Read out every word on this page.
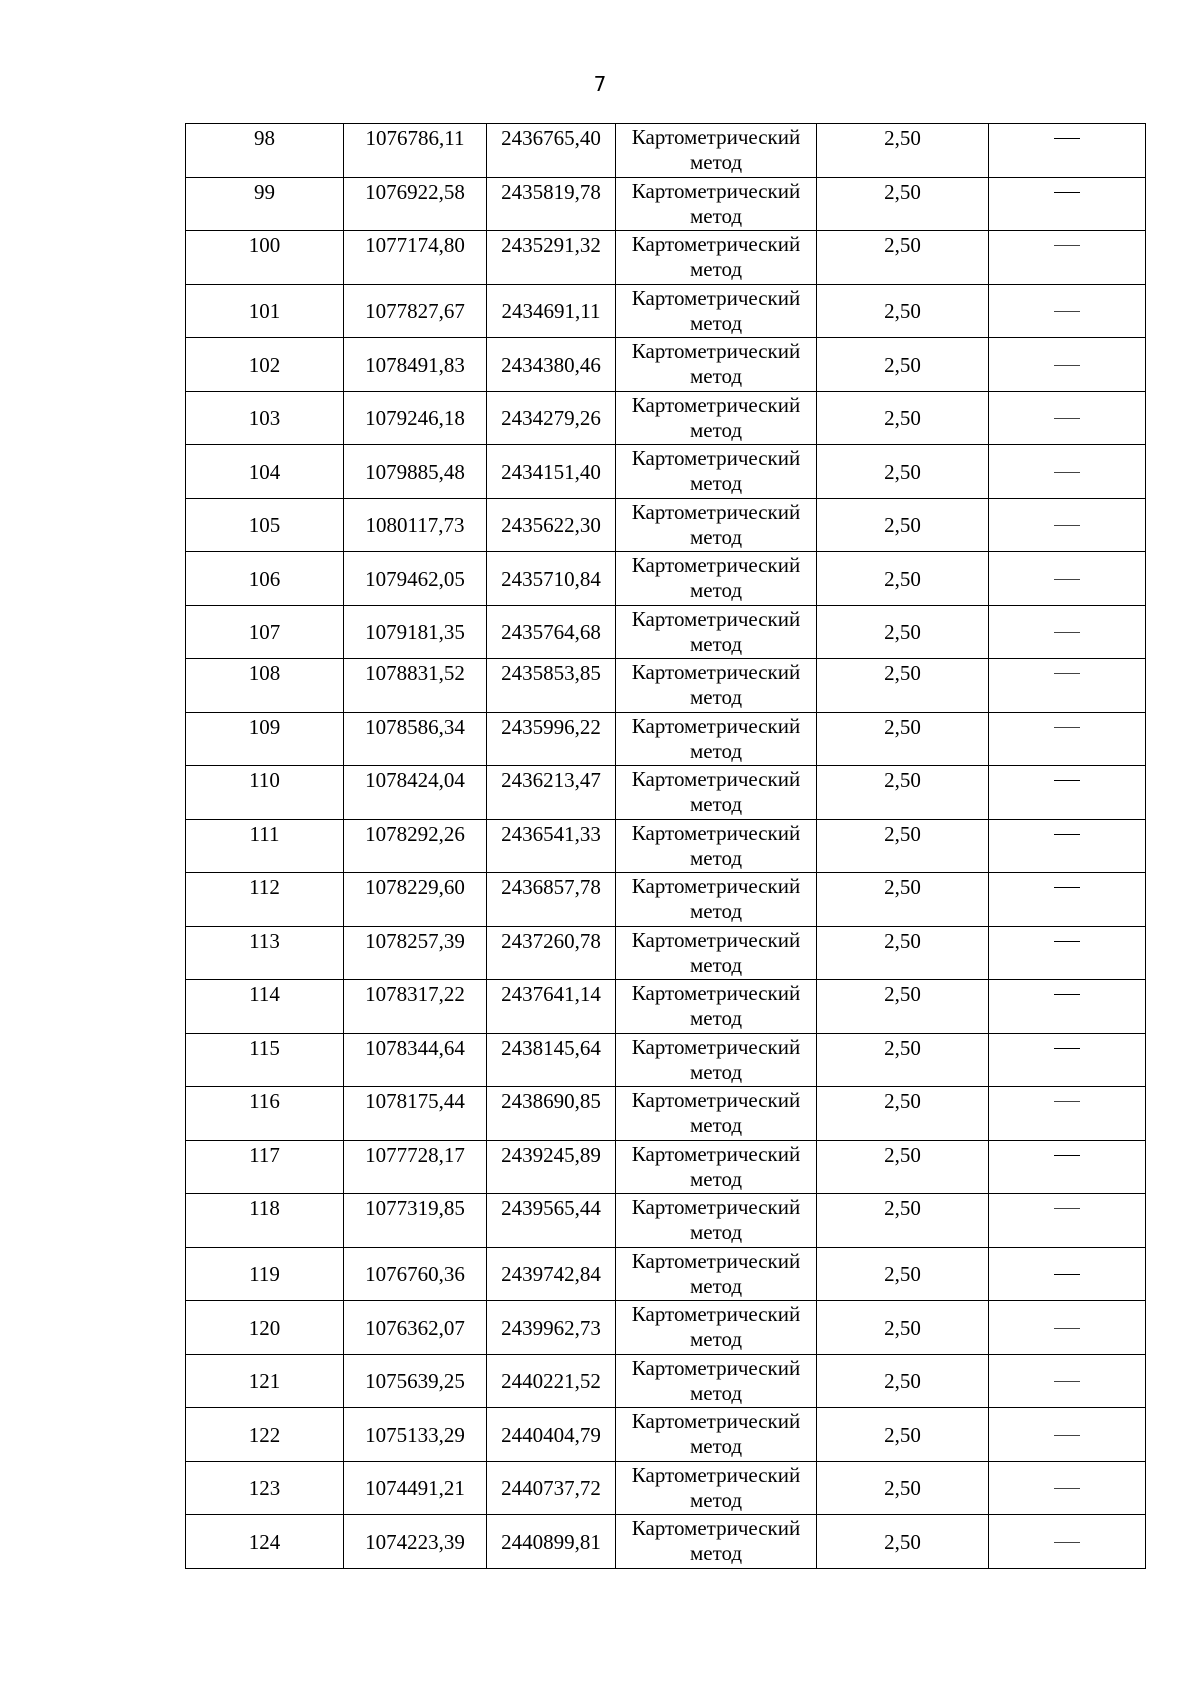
7
98	1076786,11	2436765,40	Картометрический метод	2,50	
99	1076922,58	2435819,78	Картометрический метод	2,50	
100	1077174,80	2435291,32	Картометрический метод	2,50	
101	1077827,67	2434691,11	Картометрический метод	2,50	
102	1078491,83	2434380,46	Картометрический метод	2,50	
103	1079246,18	2434279,26	Картометрический метод	2,50	
104	1079885,48	2434151,40	Картометрический метод	2,50	
105	1080117,73	2435622,30	Картометрический метод	2,50	
106	1079462,05	2435710,84	Картометрический метод	2,50	
107	1079181,35	2435764,68	Картометрический метод	2,50	
108	1078831,52	2435853,85	Картометрический метод	2,50	
109	1078586,34	2435996,22	Картометрический метод	2,50	
110	1078424,04	2436213,47	Картометрический метод	2,50	
111	1078292,26	2436541,33	Картометрический метод	2,50	
112	1078229,60	2436857,78	Картометрический метод	2,50	
113	1078257,39	2437260,78	Картометрический метод	2,50	
114	1078317,22	2437641,14	Картометрический метод	2,50	
115	1078344,64	2438145,64	Картометрический метод	2,50	
116	1078175,44	2438690,85	Картометрический метод	2,50	
117	1077728,17	2439245,89	Картометрический метод	2,50	
118	1077319,85	2439565,44	Картометрический метод	2,50	
119	1076760,36	2439742,84	Картометрический метод	2,50	
120	1076362,07	2439962,73	Картометрический метод	2,50	
121	1075639,25	2440221,52	Картометрический метод	2,50	
122	1075133,29	2440404,79	Картометрический метод	2,50	
123	1074491,21	2440737,72	Картометрический метод	2,50	
124	1074223,39	2440899,81	Картометрический метод	2,50	
